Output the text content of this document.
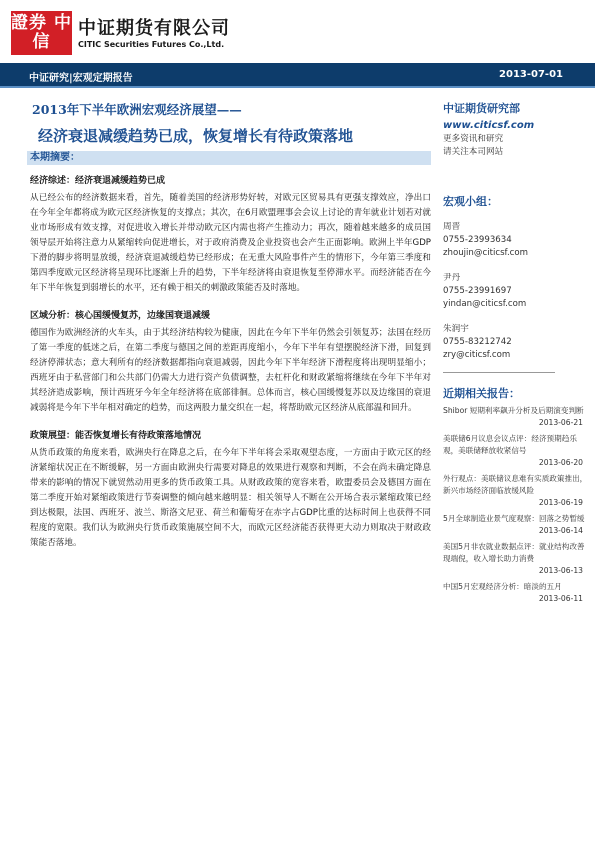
證券 中信
中证期货有限公司
CITIC Securities Futures Co.,Ltd.
中证研究|宏观定期报告	2013-07-01
2013年下半年欧洲宏观经济展望——
经济衰退减缓趋势已成，恢复增长有待政策落地
本期摘要：
经济综述：经济衰退减缓趋势已成
从已经公布的经济数据来看，首先，随着美国的经济形势好转，对欧元区贸易具有更强支撑效应，净出口在今年全年都将成为欧元区经济恢复的支撑点；其次，在6月欧盟理事会会议上讨论的青年就业计划若对就业市场形成有效支撑，对促进收入增长并带动欧元区内需也将产生推动力；再次，随着越来越多的成员国领导层开始将注意力从紧缩转向促进增长，对于政府消费及企业投资也会产生正面影响。欧洲上半年GDP下滑的脚步将明显放缓，经济衰退减缓趋势已经形成；在无重大风险事件产生的情形下，今年第三季度和第四季度欧元区经济将呈现环比逐渐上升的趋势，下半年经济将由衰退恢复至停滞水平。而经济能否在今年下半年恢复到弱增长的水平，还有赖于相关的刺激政策能否及时落地。
区域分析：核心国缓慢复苏，边缘国衰退减缓
德国作为欧洲经济的火车头，由于其经济结构较为健康，因此在今年下半年仍然会引领复苏；法国在经历了第一季度的低迷之后，在第二季度与德国之间的差距再度缩小，今年下半年有望摆脱经济下滑，回复到经济停滞状态；意大利所有的经济数据都指向衰退减弱，因此今年下半年经济下滑程度将出现明显缩小；西班牙由于私营部门和公共部门仍需大力进行资产负债调整，去杠杆化和财政紧缩将继续在今年下半年对其经济造成影响，预计西班牙今年全年经济将在底部徘徊。总体而言，核心国缓慢复苏以及边缘国的衰退减弱将是今年下半年相对确定的趋势，而这两股力量交织在一起，将帮助欧元区经济从底部温和回升。
政策展望：能否恢复增长有待政策落地情况
从货币政策的角度来看，欧洲央行在降息之后，在今年下半年将会采取观望态度，一方面由于欧元区的经济紧缩状况正在不断缓解，另一方面由欧洲央行需要对降息的效果进行观察和判断，不会在尚未确定降息带来的影响的情况下就贸然动用更多的货币政策工具。从财政政策的宽容来看，欧盟委员会及德国方面在第二季度开始对紧缩政策进行节奏调整的倾向越来越明显：相关领导人不断在公开场合表示紧缩政策已经到达极限，法国、西班牙、波兰、斯洛文尼亚、荷兰和葡萄牙在赤字占GDP比重的达标时间上也获得不同程度的宽限。我们认为欧洲央行货币政策施展空间不大，而欧元区经济能否获得更大动力则取决于财政政策能否落地。
中证期货研究部
www.citicsf.com
更多资讯和研究
请关注本司网站
宏观小组：
周晋
0755-23993634
zhoujin@citicsf.com
尹丹
0755-23991697
yindan@citicsf.com
朱润宇
0755-83212742
zry@citicsf.com
近期相关报告：
Shibor 短期利率飙升分析及后期演变判断
2013-06-21
美联储6月议息会议点评：经济预期趋乐观，美联储释放收紧信号
2013-06-20
外行观点：美联储议息难有实质政策推出，新兴市场经济面临放缓风险
2013-06-19
5月全球制造业景气度观察：回落之势暂缓
2013-06-14
美国5月非农就业数据点评：就业结构改善现端倪，收入增长助力消费
2013-06-13
中国5月宏观经济分析：暗淡的五月
2013-06-11
